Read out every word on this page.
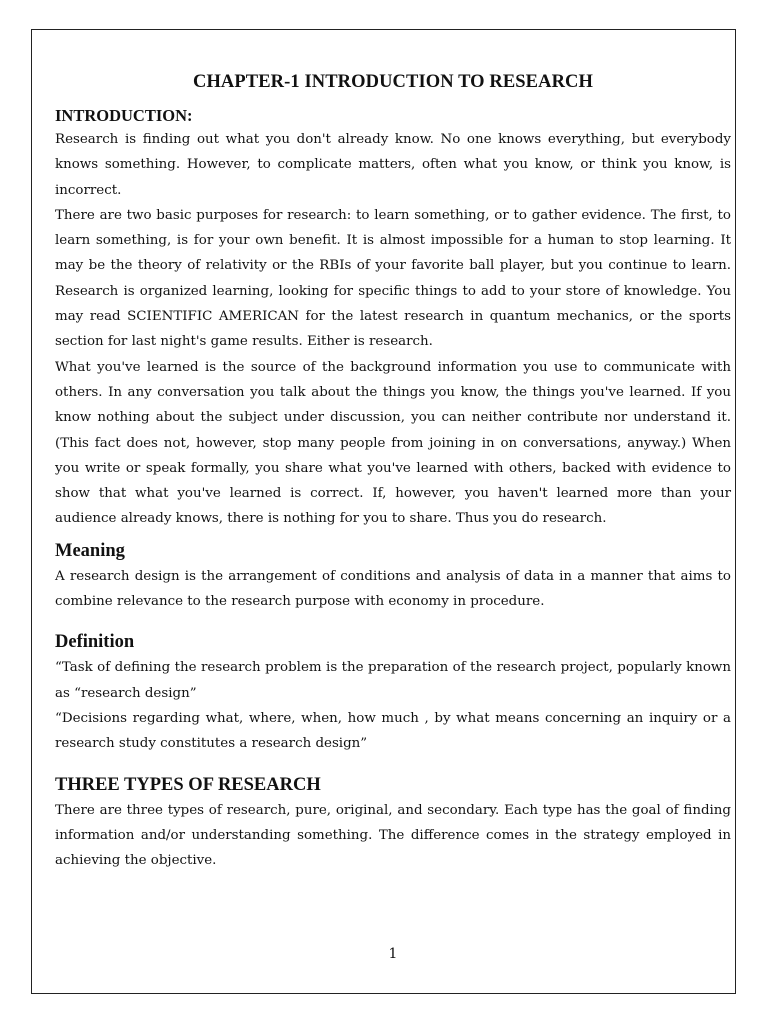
CHAPTER-1 INTRODUCTION TO RESEARCH
INTRODUCTION:

Research is finding out what you don't already know. No one knows everything, but everybody knows something. However, to complicate matters, often what you know, or think you know, is incorrect.

There are two basic purposes for research: to learn something, or to gather evidence. The first, to learn something, is for your own benefit. It is almost impossible for a human to stop learning. It may be the theory of relativity or the RBIs of your favorite ball player, but you continue to learn. Research is organized learning, looking for specific things to add to your store of knowledge. You may read SCIENTIFIC AMERICAN for the latest research in quantum mechanics, or the sports section for last night's game results. Either is research.

What you've learned is the source of the background information you use to communicate with others. In any conversation you talk about the things you know, the things you've learned. If you know nothing about the subject under discussion, you can neither contribute nor understand it. (This fact does not, however, stop many people from joining in on conversations, anyway.) When you write or speak formally, you share what you've learned with others, backed with evidence to show that what you've learned is correct. If, however, you haven't learned more than your audience already knows, there is nothing for you to share. Thus you do research.

Meaning

A research design is the arrangement of conditions and analysis of data in a manner that aims to combine relevance to the research purpose with economy in procedure.

Definition

“Task of defining the research problem is the preparation of the research project, popularly known as “research design”

“Decisions regarding what, where, when, how much , by what means concerning an inquiry or a research study constitutes a research design”

THREE TYPES OF RESEARCH

There are three types of research, pure, original, and secondary. Each type has the goal of finding information and/or understanding something. The difference comes in the strategy employed in achieving the objective.

1
